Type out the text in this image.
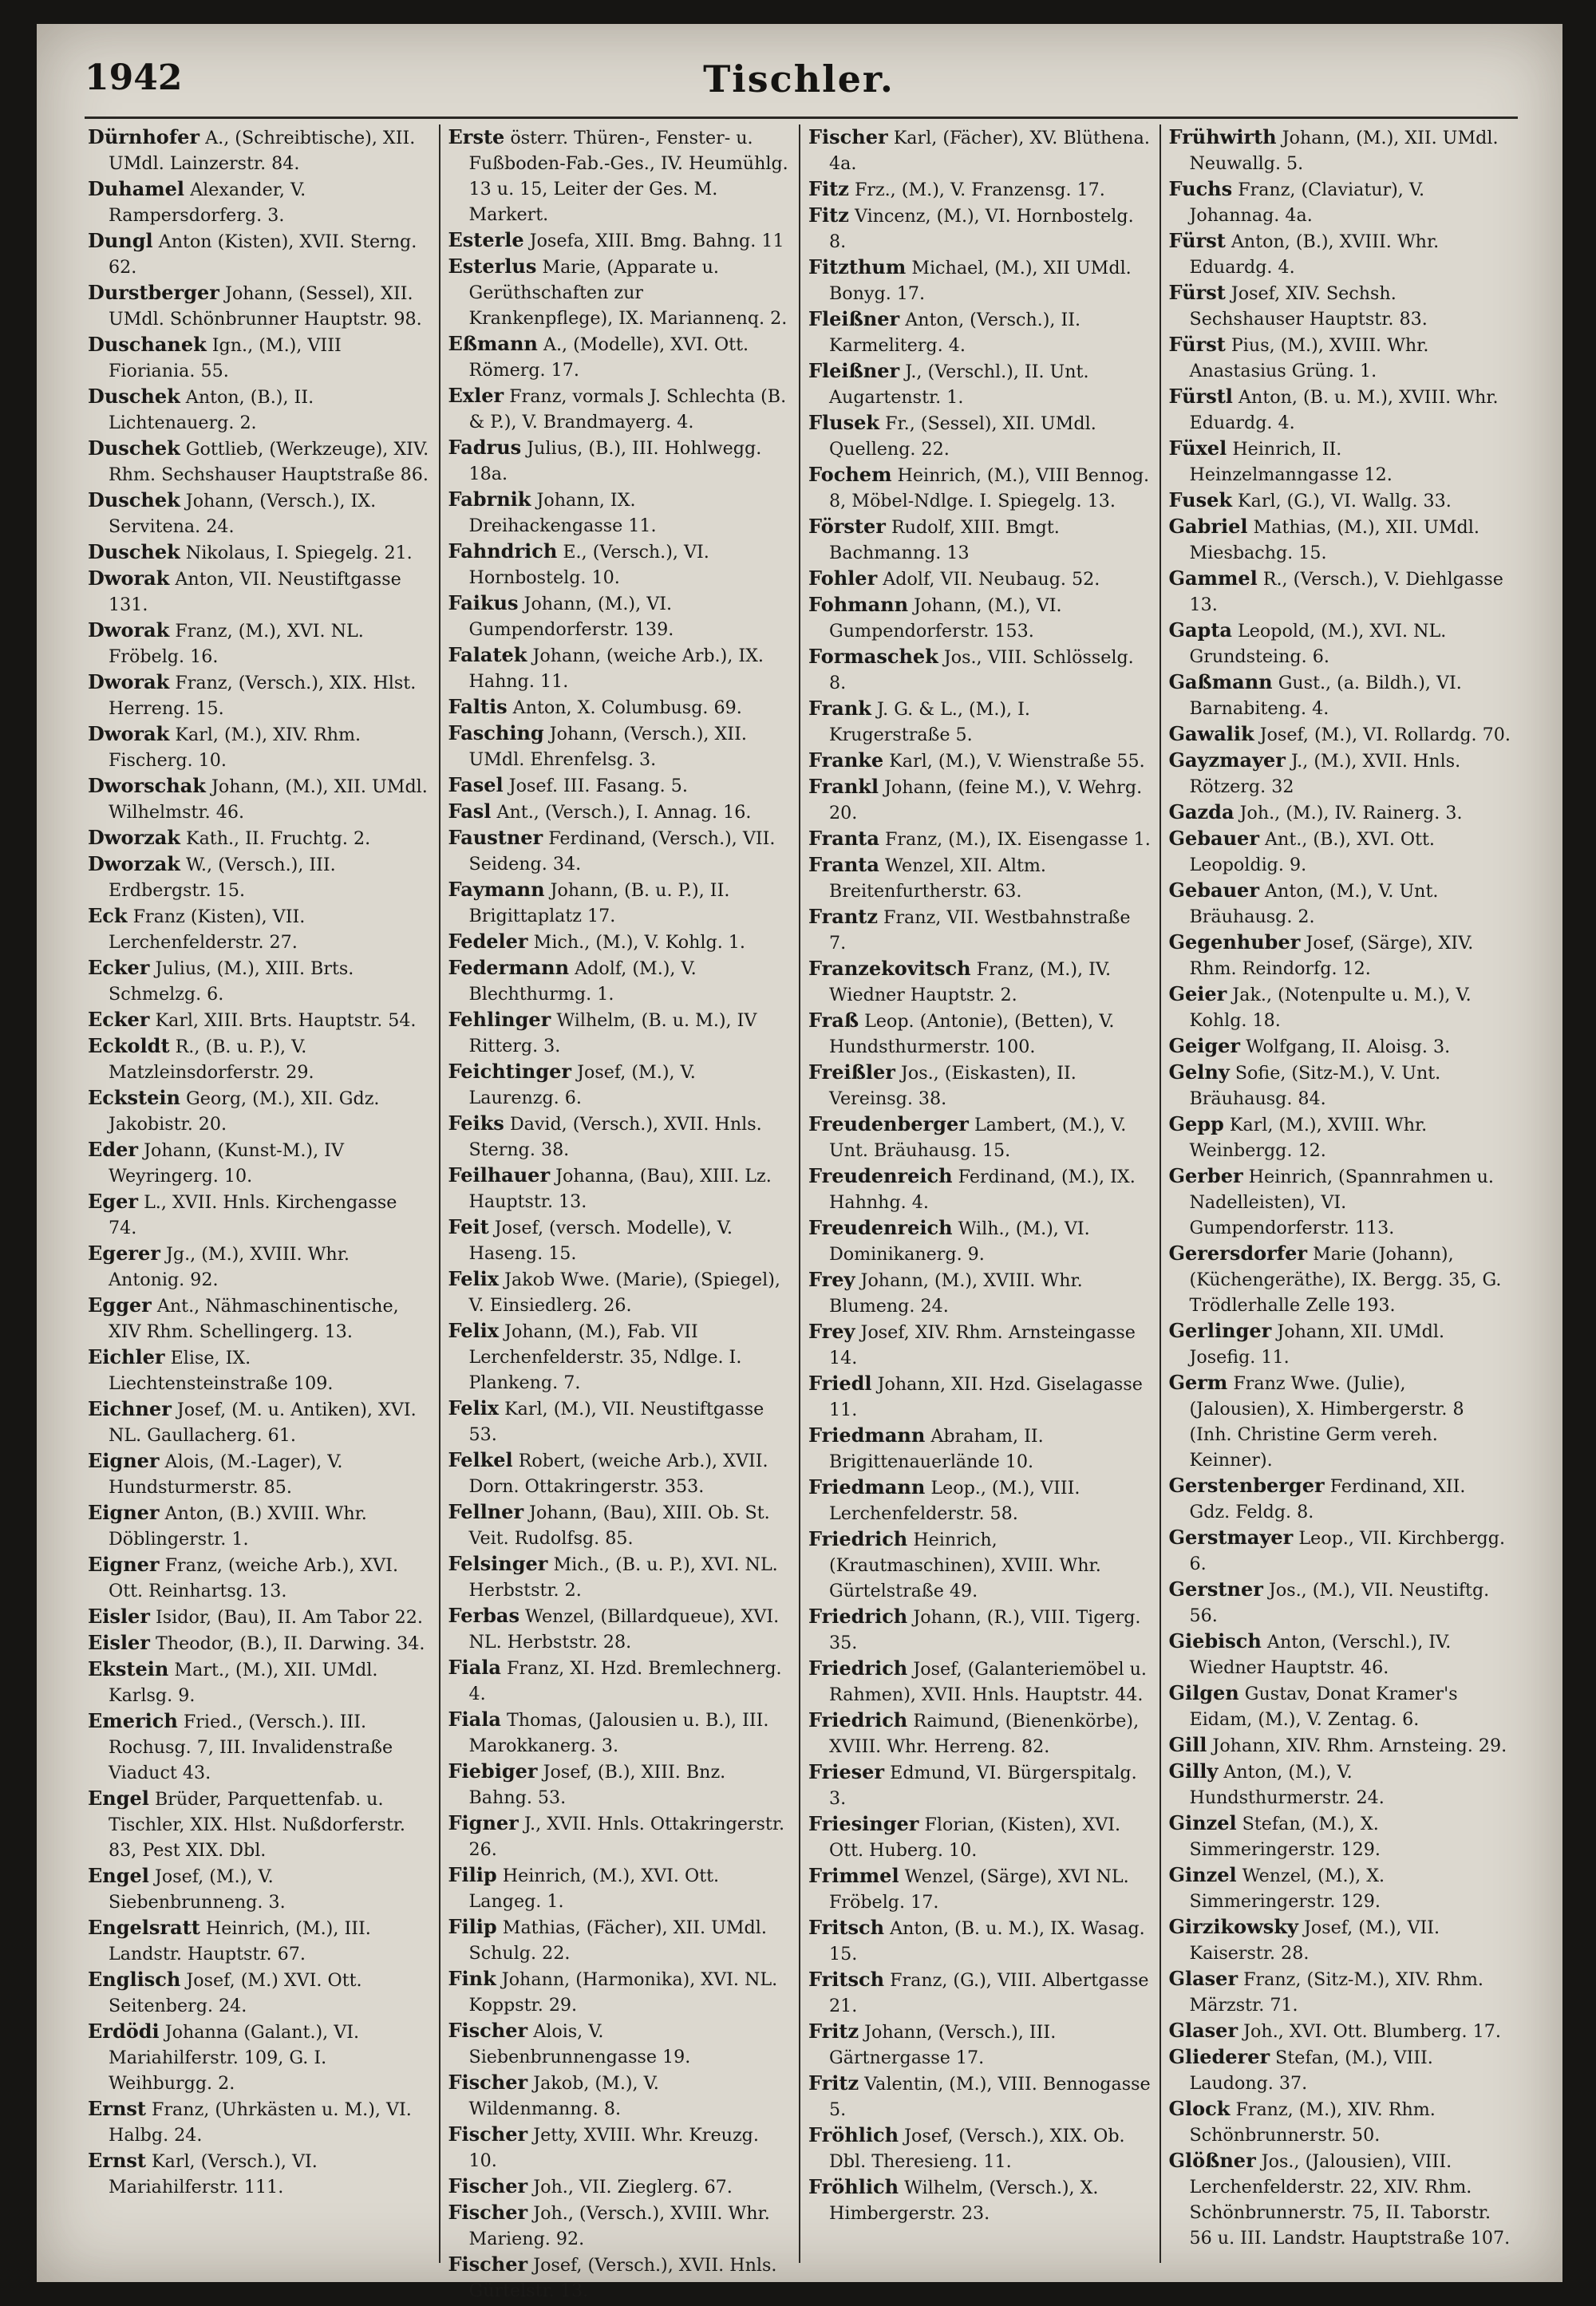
1942	Tischler.

Dürnhofer A., (Schreibtische), XII. UMdl. Lainzerstr. 84.

Duhamel Alexander, V. Rampersdorferg. 3.

Dungl Anton (Kisten), XVII. Sterng. 62.

Durstberger Johann, (Sessel), XII. UMdl. Schönbrunner Hauptstr. 98.

Duschanek Ign., (M.), VIII Fioriania. 55.

Duschek Anton, (B.), II. Lichtenauerg. 2.

Duschek Gottlieb, (Werkzeuge), XIV. Rhm. Sechshauser Hauptstraße 86.

Duschek Johann, (Versch.), IX. Servitena. 24.

Duschek Nikolaus, I. Spiegelg. 21.

Dworak Anton, VII. Neustiftgasse 131.

Dworak Franz, (M.), XVI. NL. Fröbelg. 16.

Dworak Franz, (Versch.), XIX. Hlst. Herreng. 15.

Dworak Karl, (M.), XIV. Rhm. Fischerg. 10.

Dworschak Johann, (M.), XII. UMdl. Wilhelmstr. 46.

Dworzak Kath., II. Fruchtg. 2.

Dworzak W., (Versch.), III. Erdbergstr. 15.

Eck Franz (Kisten), VII. Lerchenfelderstr. 27.

Ecker Julius, (M.), XIII. Brts. Schmelzg. 6.

Ecker Karl, XIII. Brts. Hauptstr. 54.

Eckoldt R., (B. u. P.), V. Matzleinsdorferstr. 29.

Eckstein Georg, (M.), XII. Gdz. Jakobistr. 20.

Eder Johann, (Kunst-M.), IV Weyringerg. 10.

Eger L., XVII. Hnls. Kirchengasse 74.

Egerer Jg., (M.), XVIII. Whr. Antonig. 92.

Egger Ant., Nähmaschinentische, XIV Rhm. Schellingerg. 13.

Eichler Elise, IX. Liechtensteinstraße 109.

Eichner Josef, (M. u. Antiken), XVI. NL. Gaullacherg. 61.

Eigner Alois, (M.-Lager), V. Hundsturmerstr. 85.

Eigner Anton, (B.) XVIII. Whr. Döblingerstr. 1.

Eigner Franz, (weiche Arb.), XVI. Ott. Reinhartsg. 13.

Eisler Isidor, (Bau), II. Am Tabor 22.

Eisler Theodor, (B.), II. Darwing. 34.

Ekstein Mart., (M.), XII. UMdl. Karlsg. 9.

Emerich Fried., (Versch.). III. Rochusg. 7, III. Invalidenstraße Viaduct 43.

Engel Brüder, Parquettenfab. u. Tischler, XIX. Hlst. Nußdorferstr. 83, Pest XIX. Dbl.

Engel Josef, (M.), V. Siebenbrunneng. 3.

Engelsratt Heinrich, (M.), III. Landstr. Hauptstr. 67.

Englisch Josef, (M.) XVI. Ott. Seitenberg. 24.

Erdödi Johanna (Galant.), VI. Mariahilferstr. 109, G. I. Weihburgg. 2.

Ernst Franz, (Uhrkästen u. M.), VI. Halbg. 24.

Ernst Karl, (Versch.), VI. Mariahilferstr. 111.

Erste österr. Thüren-, Fenster- u. Fußboden-Fab.-Ges., IV. Heumühlg. 13 u. 15, Leiter der Ges. M. Markert.

Esterle Josefa, XIII. Bmg. Bahng. 11

Esterlus Marie, (Apparate u. Gerüthschaften zur Krankenpflege), IX. Mariannenq. 2.

Eßmann A., (Modelle), XVI. Ott. Römerg. 17.

Exler Franz, vormals J. Schlechta (B. & P.), V. Brandmayerg. 4.

Fadrus Julius, (B.), III. Hohlwegg. 18a.

Fabrnik Johann, IX. Dreihackengasse 11.

Fahndrich E., (Versch.), VI. Hornbostelg. 10.

Faikus Johann, (M.), VI. Gumpendorferstr. 139.

Falatek Johann, (weiche Arb.), IX. Hahng. 11.

Faltis Anton, X. Columbusg. 69.

Fasching Johann, (Versch.), XII. UMdl. Ehrenfelsg. 3.

Fasel Josef. III. Fasang. 5.

Fasl Ant., (Versch.), I. Annag. 16.

Faustner Ferdinand, (Versch.), VII. Seideng. 34.

Faymann Johann, (B. u. P.), II. Brigittaplatz 17.

Fedeler Mich., (M.), V. Kohlg. 1.

Federmann Adolf, (M.), V. Blechthurmg. 1.

Fehlinger Wilhelm, (B. u. M.), IV Ritterg. 3.

Feichtinger Josef, (M.), V. Laurenzg. 6.

Feiks David, (Versch.), XVII. Hnls. Sterng. 38.

Feilhauer Johanna, (Bau), XIII. Lz. Hauptstr. 13.

Feit Josef, (versch. Modelle), V. Haseng. 15.

Felix Jakob Wwe. (Marie), (Spiegel), V. Einsiedlerg. 26.

Felix Johann, (M.), Fab. VII Lerchenfelderstr. 35, Ndlge. I. Plankeng. 7.

Felix Karl, (M.), VII. Neustiftgasse 53.

Felkel Robert, (weiche Arb.), XVII. Dorn. Ottakringerstr. 353.

Fellner Johann, (Bau), XIII. Ob. St. Veit. Rudolfsg. 85.

Felsinger Mich., (B. u. P.), XVI. NL. Herbststr. 2.

Ferbas Wenzel, (Billardqueue), XVI. NL. Herbststr. 28.

Fiala Franz, XI. Hzd. Bremlechnerg. 4.

Fiala Thomas, (Jalousien u. B.), III. Marokkanerg. 3.

Fiebiger Josef, (B.), XIII. Bnz. Bahng. 53.

Figner J., XVII. Hnls. Ottakringerstr. 26.

Filip Heinrich, (M.), XVI. Ott. Langeg. 1.

Filip Mathias, (Fächer), XII. UMdl. Schulg. 22.

Fink Johann, (Harmonika), XVI. NL. Koppstr. 29.

Fischer Alois, V. Siebenbrunnengasse 19.

Fischer Jakob, (M.), V. Wildenmanng. 8.

Fischer Jetty, XVIII. Whr. Kreuzg. 10.

Fischer Joh., VII. Zieglerg. 67.

Fischer Joh., (Versch.), XVIII. Whr. Marieng. 92.

Fischer Josef, (Versch.), XVII. Hnls. Gürtelstr. 13.

Fischer Karl, (Fächer), XV. Blüthena. 4a.

Fitz Frz., (M.), V. Franzensg. 17.

Fitz Vincenz, (M.), VI. Hornbostelg. 8.

Fitzthum Michael, (M.), XII UMdl. Bonyg. 17.

Fleißner Anton, (Versch.), II. Karmeliterg. 4.

Fleißner J., (Verschl.), II. Unt. Augartenstr. 1.

Flusek Fr., (Sessel), XII. UMdl. Quelleng. 22.

Fochem Heinrich, (M.), VIII Bennog. 8, Möbel-Ndlge. I. Spiegelg. 13.

Förster Rudolf, XIII. Bmgt. Bachmanng. 13

Fohler Adolf, VII. Neubaug. 52.

Fohmann Johann, (M.), VI. Gumpendorferstr. 153.

Formaschek Jos., VIII. Schlösselg. 8.

Frank J. G. & L., (M.), I. Krugerstraße 5.

Franke Karl, (M.), V. Wienstraße 55.

Frankl Johann, (feine M.), V. Wehrg. 20.

Franta Franz, (M.), IX. Eisengasse 1.

Franta Wenzel, XII. Altm. Breitenfurtherstr. 63.

Frantz Franz, VII. Westbahnstraße 7.

Franzekovitsch Franz, (M.), IV. Wiedner Hauptstr. 2.

Fraß Leop. (Antonie), (Betten), V. Hundsthurmerstr. 100.

Freißler Jos., (Eiskasten), II. Vereinsg. 38.

Freudenberger Lambert, (M.), V. Unt. Bräuhausg. 15.

Freudenreich Ferdinand, (M.), IX. Hahnhg. 4.

Freudenreich Wilh., (M.), VI. Dominikanerg. 9.

Frey Johann, (M.), XVIII. Whr. Blumeng. 24.

Frey Josef, XIV. Rhm. Arnsteingasse 14.

Friedl Johann, XII. Hzd. Giselagasse 11.

Friedmann Abraham, II. Brigittenauerlände 10.

Friedmann Leop., (M.), VIII. Lerchenfelderstr. 58.

Friedrich Heinrich, (Krautmaschinen), XVIII. Whr. Gürtelstraße 49.

Friedrich Johann, (R.), VIII. Tigerg. 35.

Friedrich Josef, (Galanteriemöbel u. Rahmen), XVII. Hnls. Hauptstr. 44.

Friedrich Raimund, (Bienenkörbe), XVIII. Whr. Herreng. 82.

Frieser Edmund, VI. Bürgerspitalg. 3.

Friesinger Florian, (Kisten), XVI. Ott. Huberg. 10.

Frimmel Wenzel, (Särge), XVI NL. Fröbelg. 17.

Fritsch Anton, (B. u. M.), IX. Wasag. 15.

Fritsch Franz, (G.), VIII. Albertgasse 21.

Fritz Johann, (Versch.), III. Gärtnergasse 17.

Fritz Valentin, (M.), VIII. Bennogasse 5.

Fröhlich Josef, (Versch.), XIX. Ob. Dbl. Theresieng. 11.

Fröhlich Wilhelm, (Versch.), X. Himbergerstr. 23.

Frühwirth Johann, (M.), XII. UMdl. Neuwallg. 5.

Fuchs Franz, (Claviatur), V. Johannag. 4a.

Fürst Anton, (B.), XVIII. Whr. Eduardg. 4.

Fürst Josef, XIV. Sechsh. Sechshauser Hauptstr. 83.

Fürst Pius, (M.), XVIII. Whr. Anastasius Grüng. 1.

Fürstl Anton, (B. u. M.), XVIII. Whr. Eduardg. 4.

Füxel Heinrich, II. Heinzelmanngasse 12.

Fusek Karl, (G.), VI. Wallg. 33.

Gabriel Mathias, (M.), XII. UMdl. Miesbachg. 15.

Gammel R., (Versch.), V. Diehlgasse 13.

Gapta Leopold, (M.), XVI. NL. Grundsteing. 6.

Gaßmann Gust., (a. Bildh.), VI. Barnabiteng. 4.

Gawalik Josef, (M.), VI. Rollardg. 70.

Gayzmayer J., (M.), XVII. Hnls. Rötzerg. 32

Gazda Joh., (M.), IV. Rainerg. 3.

Gebauer Ant., (B.), XVI. Ott. Leopoldig. 9.

Gebauer Anton, (M.), V. Unt. Bräuhausg. 2.

Gegenhuber Josef, (Särge), XIV. Rhm. Reindorfg. 12.

Geier Jak., (Notenpulte u. M.), V. Kohlg. 18.

Geiger Wolfgang, II. Aloisg. 3.

Gelny Sofie, (Sitz-M.), V. Unt. Bräuhausg. 84.

Gepp Karl, (M.), XVIII. Whr. Weinbergg. 12.

Gerber Heinrich, (Spannrahmen u. Nadelleisten), VI. Gumpendorferstr. 113.

Gerersdorfer Marie (Johann), (Küchengeräthe), IX. Bergg. 35, G. Trödlerhalle Zelle 193.

Gerlinger Johann, XII. UMdl. Josefig. 11.

Germ Franz Wwe. (Julie), (Jalousien), X. Himbergerstr. 8 (Inh. Christine Germ vereh. Keinner).

Gerstenberger Ferdinand, XII. Gdz. Feldg. 8.

Gerstmayer Leop., VII. Kirchbergg. 6.

Gerstner Jos., (M.), VII. Neustiftg. 56.

Giebisch Anton, (Verschl.), IV. Wiedner Hauptstr. 46.

Gilgen Gustav, Donat Kramer's Eidam, (M.), V. Zentag. 6.

Gill Johann, XIV. Rhm. Arnsteing. 29.

Gilly Anton, (M.), V. Hundsthurmerstr. 24.

Ginzel Stefan, (M.), X. Simmeringerstr. 129.

Ginzel Wenzel, (M.), X. Simmeringerstr. 129.

Girzikowsky Josef, (M.), VII. Kaiserstr. 28.

Glaser Franz, (Sitz-M.), XIV. Rhm. Märzstr. 71.

Glaser Joh., XVI. Ott. Blumberg. 17.

Gliederer Stefan, (M.), VIII. Laudong. 37.

Glock Franz, (M.), XIV. Rhm. Schönbrunnerstr. 50.

Glößner Jos., (Jalousien), VIII. Lerchenfelderstr. 22, XIV. Rhm. Schönbrunnerstr. 75, II. Taborstr. 56 u. III. Landstr. Hauptstraße 107.
